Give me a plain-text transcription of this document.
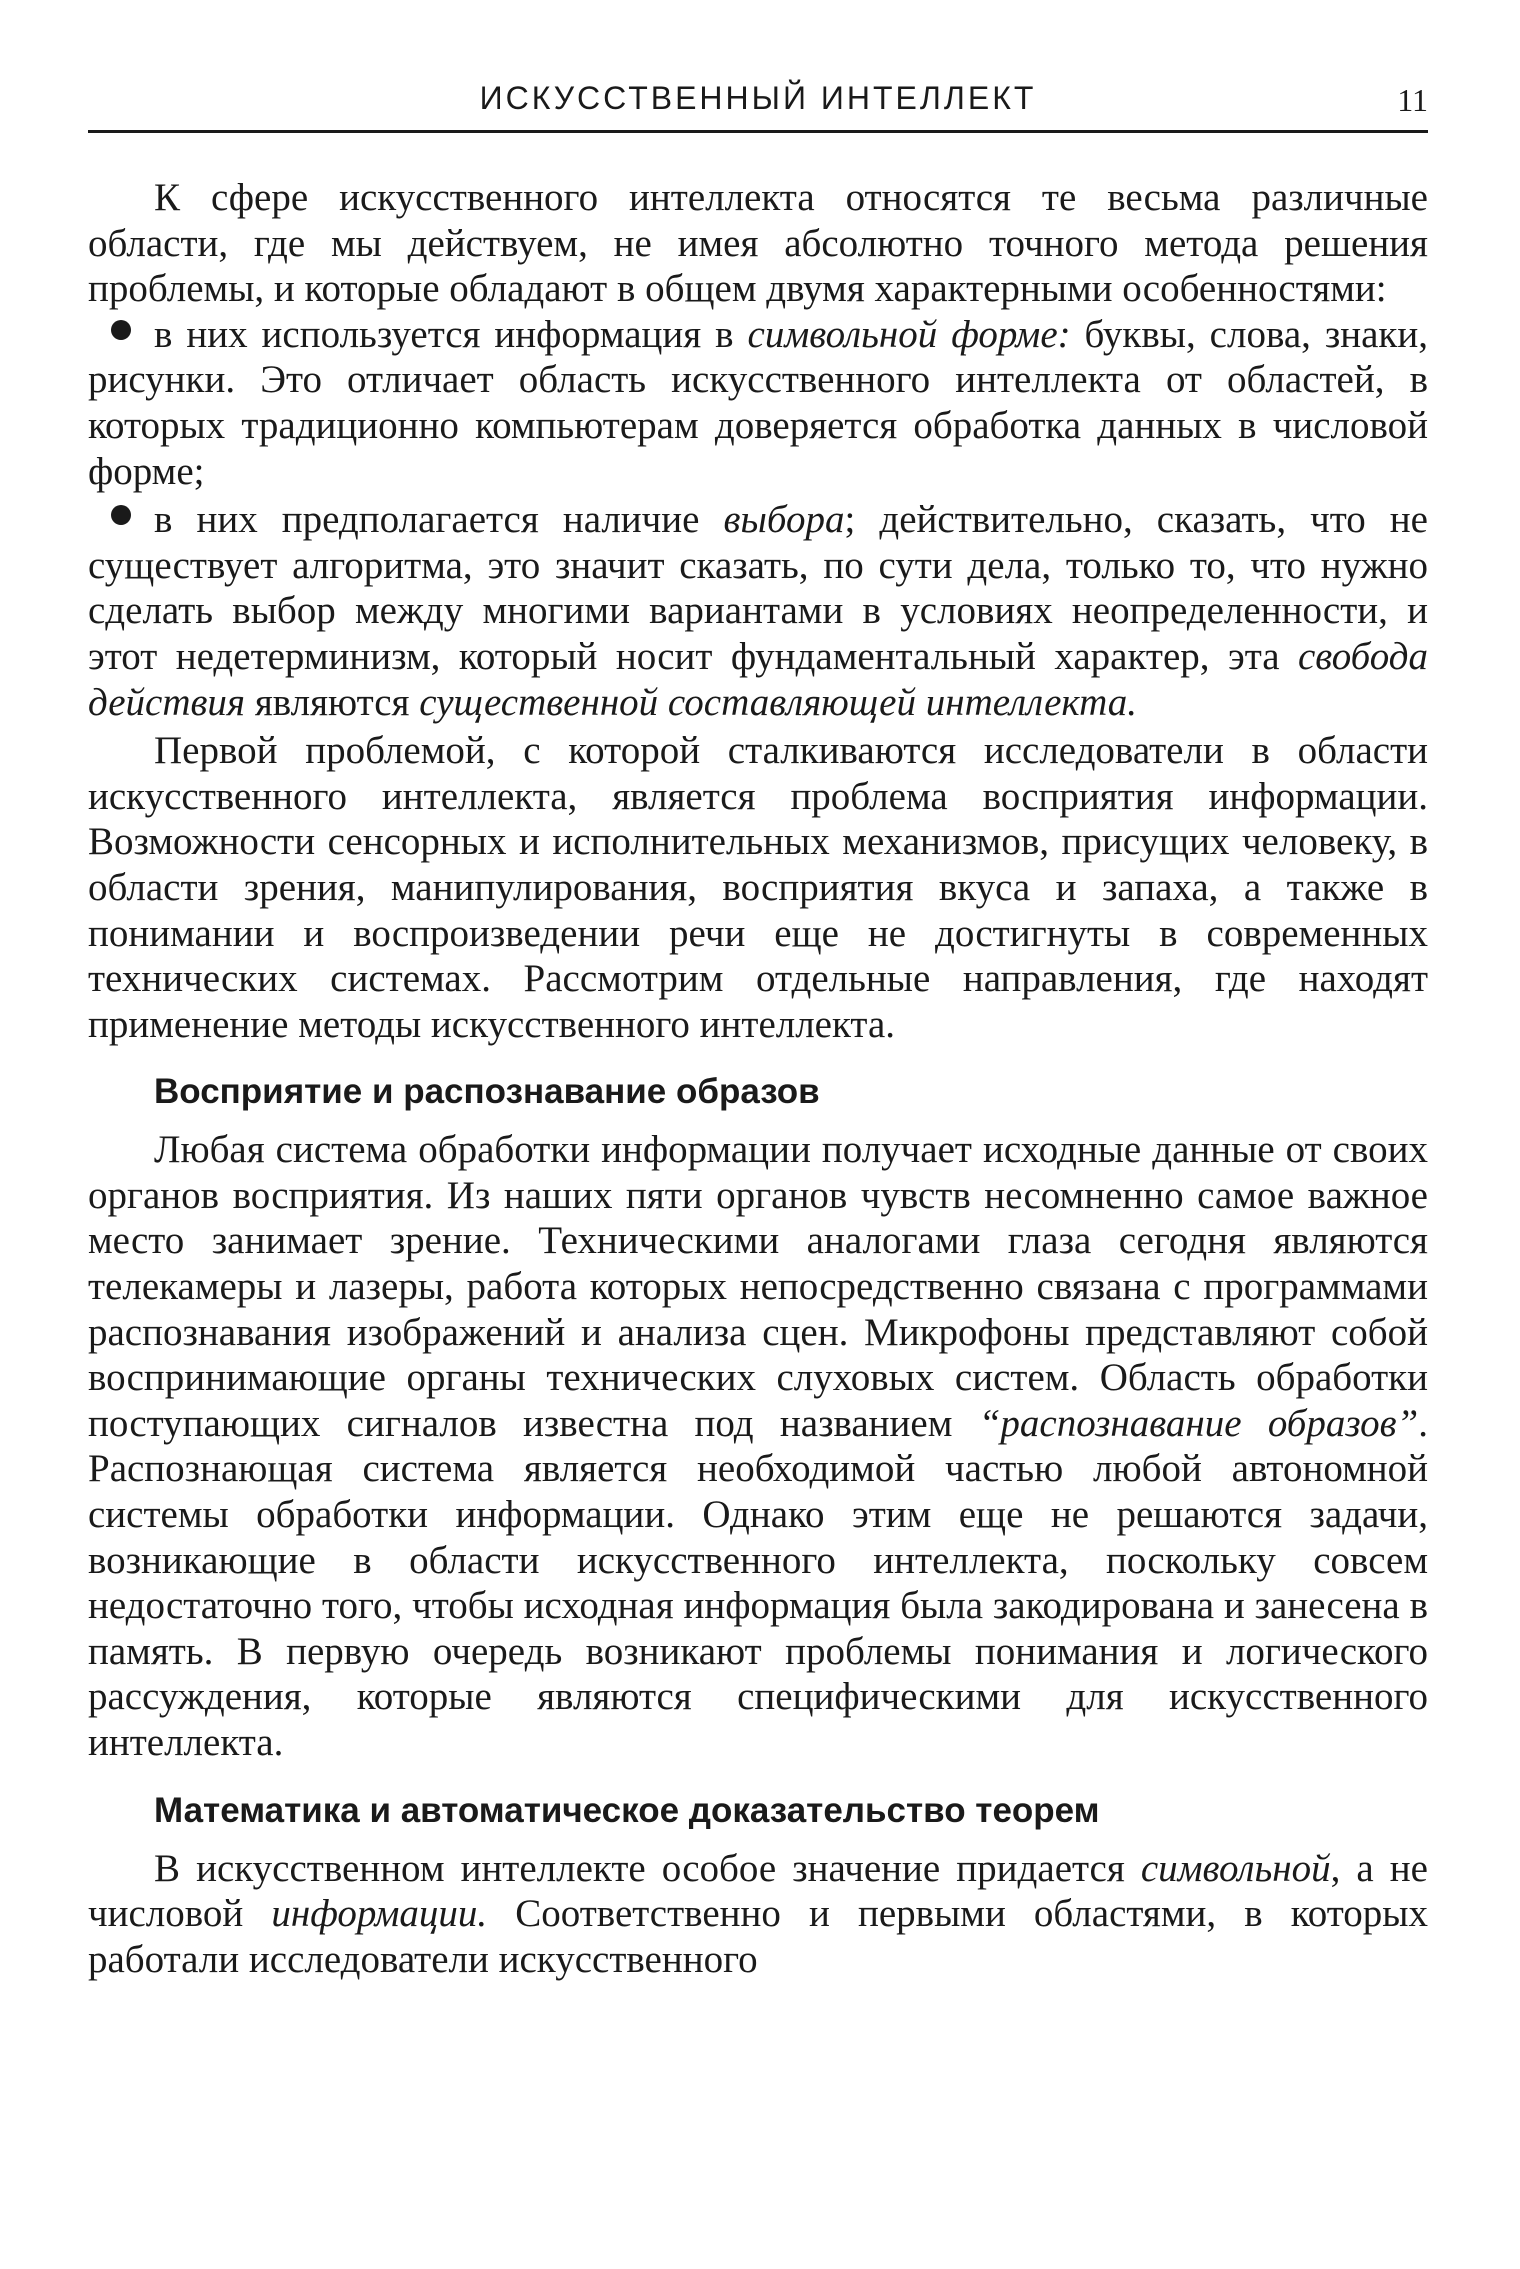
ИСКУССТВЕННЫЙ ИНТЕЛЛЕКТ	11

К сфере искусственного интеллекта относятся те весьма различные области, где мы действуем, не имея абсолютно точного метода решения проблемы, и которые обладают в общем двумя характерными особенностями:

в них используется информация в символьной форме: буквы, слова, знаки, рисунки. Это отличает область искусственного интеллекта от областей, в которых традиционно компьютерам доверяется обработка данных в числовой форме;

в них предполагается наличие выбора; действительно, сказать, что не существует алгоритма, это значит сказать, по сути дела, только то, что нужно сделать выбор между многими вариантами в условиях неопределенности, и этот недетерминизм, который носит фундаментальный характер, эта свобода действия являются существенной составляющей интеллекта.

Первой проблемой, с которой сталкиваются исследователи в области искусственного интеллекта, является проблема восприятия информации. Возможности сенсорных и исполнительных механизмов, присущих человеку, в области зрения, манипулирования, восприятия вкуса и запаха, а также в понимании и воспроизведении речи еще не достигнуты в современных технических системах. Рассмотрим отдельные направления, где находят применение методы искусственного интеллекта.

Восприятие и распознавание образов

Любая система обработки информации получает исходные данные от своих органов восприятия. Из наших пяти органов чувств несомненно самое важное место занимает зрение. Техническими аналогами глаза сегодня являются телекамеры и лазеры, работа которых непосредственно связана с программами распознавания изображений и анализа сцен. Микрофоны представляют собой воспринимающие органы технических слуховых систем. Область обработки поступающих сигналов известна под названием “распознавание образов”. Распознающая система является необходимой частью любой автономной системы обработки информации. Однако этим еще не решаются задачи, возникающие в области искусственного интеллекта, поскольку совсем недостаточно того, чтобы исходная информация была закодирована и занесена в память. В первую очередь возникают проблемы понимания и логического рассуждения, которые являются специфическими для искусственного интеллекта.

Математика и автоматическое доказательство теорем

В искусственном интеллекте особое значение придается символьной, а не числовой информации. Соответственно и первыми областями, в которых работали исследователи искусственного
